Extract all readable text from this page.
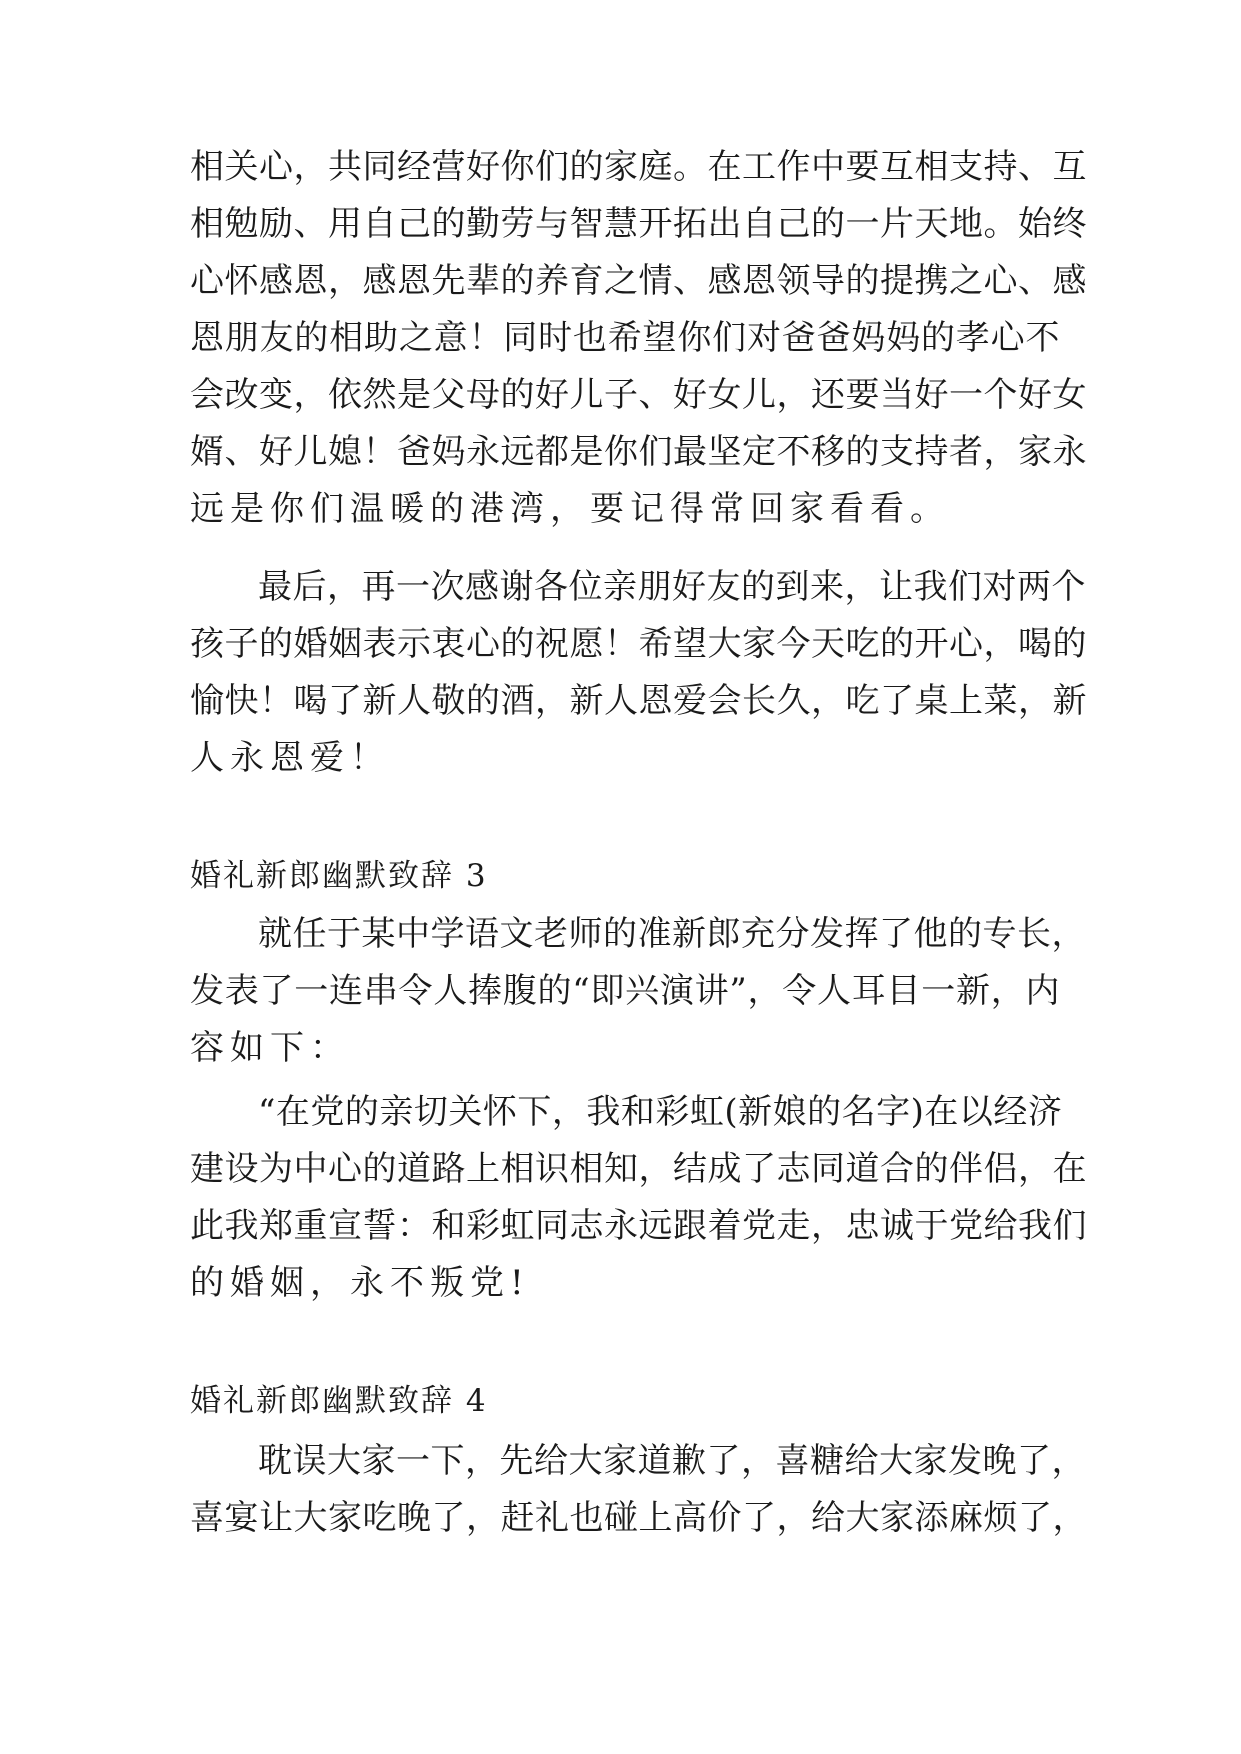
相关心，共同经营好你们的家庭。在工作中要互相支持、互
相勉励、用自己的勤劳与智慧开拓出自己的一片天地。始终
心怀感恩，感恩先辈的养育之情、感恩领导的提携之心、感
恩朋友的相助之意！同时也希望你们对爸爸妈妈的孝心不
会改变，依然是父母的好儿子、好女儿，还要当好一个好女
婿、好儿媳！爸妈永远都是你们最坚定不移的支持者，家永
远是你们温暖的港湾，要记得常回家看看。
最后，再一次感谢各位亲朋好友的到来，让我们对两个
孩子的婚姻表示衷心的祝愿！希望大家今天吃的开心，喝的
愉快！喝了新人敬的酒，新人恩爱会长久，吃了桌上菜，新
人永恩爱！
婚礼新郎幽默致辞 3
就任于某中学语文老师的准新郎充分发挥了他的专长，
发表了一连串令人捧腹的“即兴演讲”，令人耳目一新，内
容如下：
“在党的亲切关怀下，我和彩虹(新娘的名字)在以经济
建设为中心的道路上相识相知，结成了志同道合的伴侣，在
此我郑重宣誓：和彩虹同志永远跟着党走，忠诚于党给我们
的婚姻，永不叛党!
婚礼新郎幽默致辞 4
耽误大家一下，先给大家道歉了，喜糖给大家发晚了，
喜宴让大家吃晚了，赶礼也碰上高价了，给大家添麻烦了，
